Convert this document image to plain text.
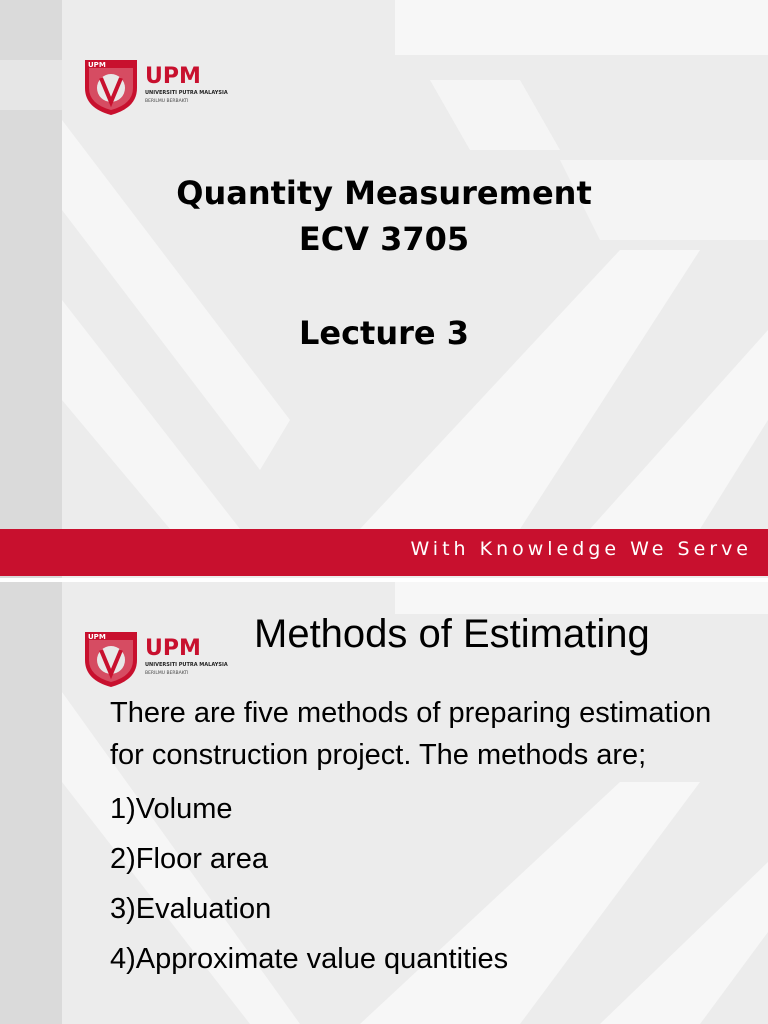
UPM UPM
UNIVERSITI PUTRA MALAYSIA
BERILMU BERBAKTI
Quantity Measurement
ECV 3705
Lecture 3
With Knowledge We Serve
UPM UPM
UNIVERSITI PUTRA MALAYSIA
BERILMU BERBAKTI
Methods of Estimating
There are five methods of preparing estimation for construction project. The methods are;
1)Volume
2)Floor area
3)Evaluation
4)Approximate value quantities
